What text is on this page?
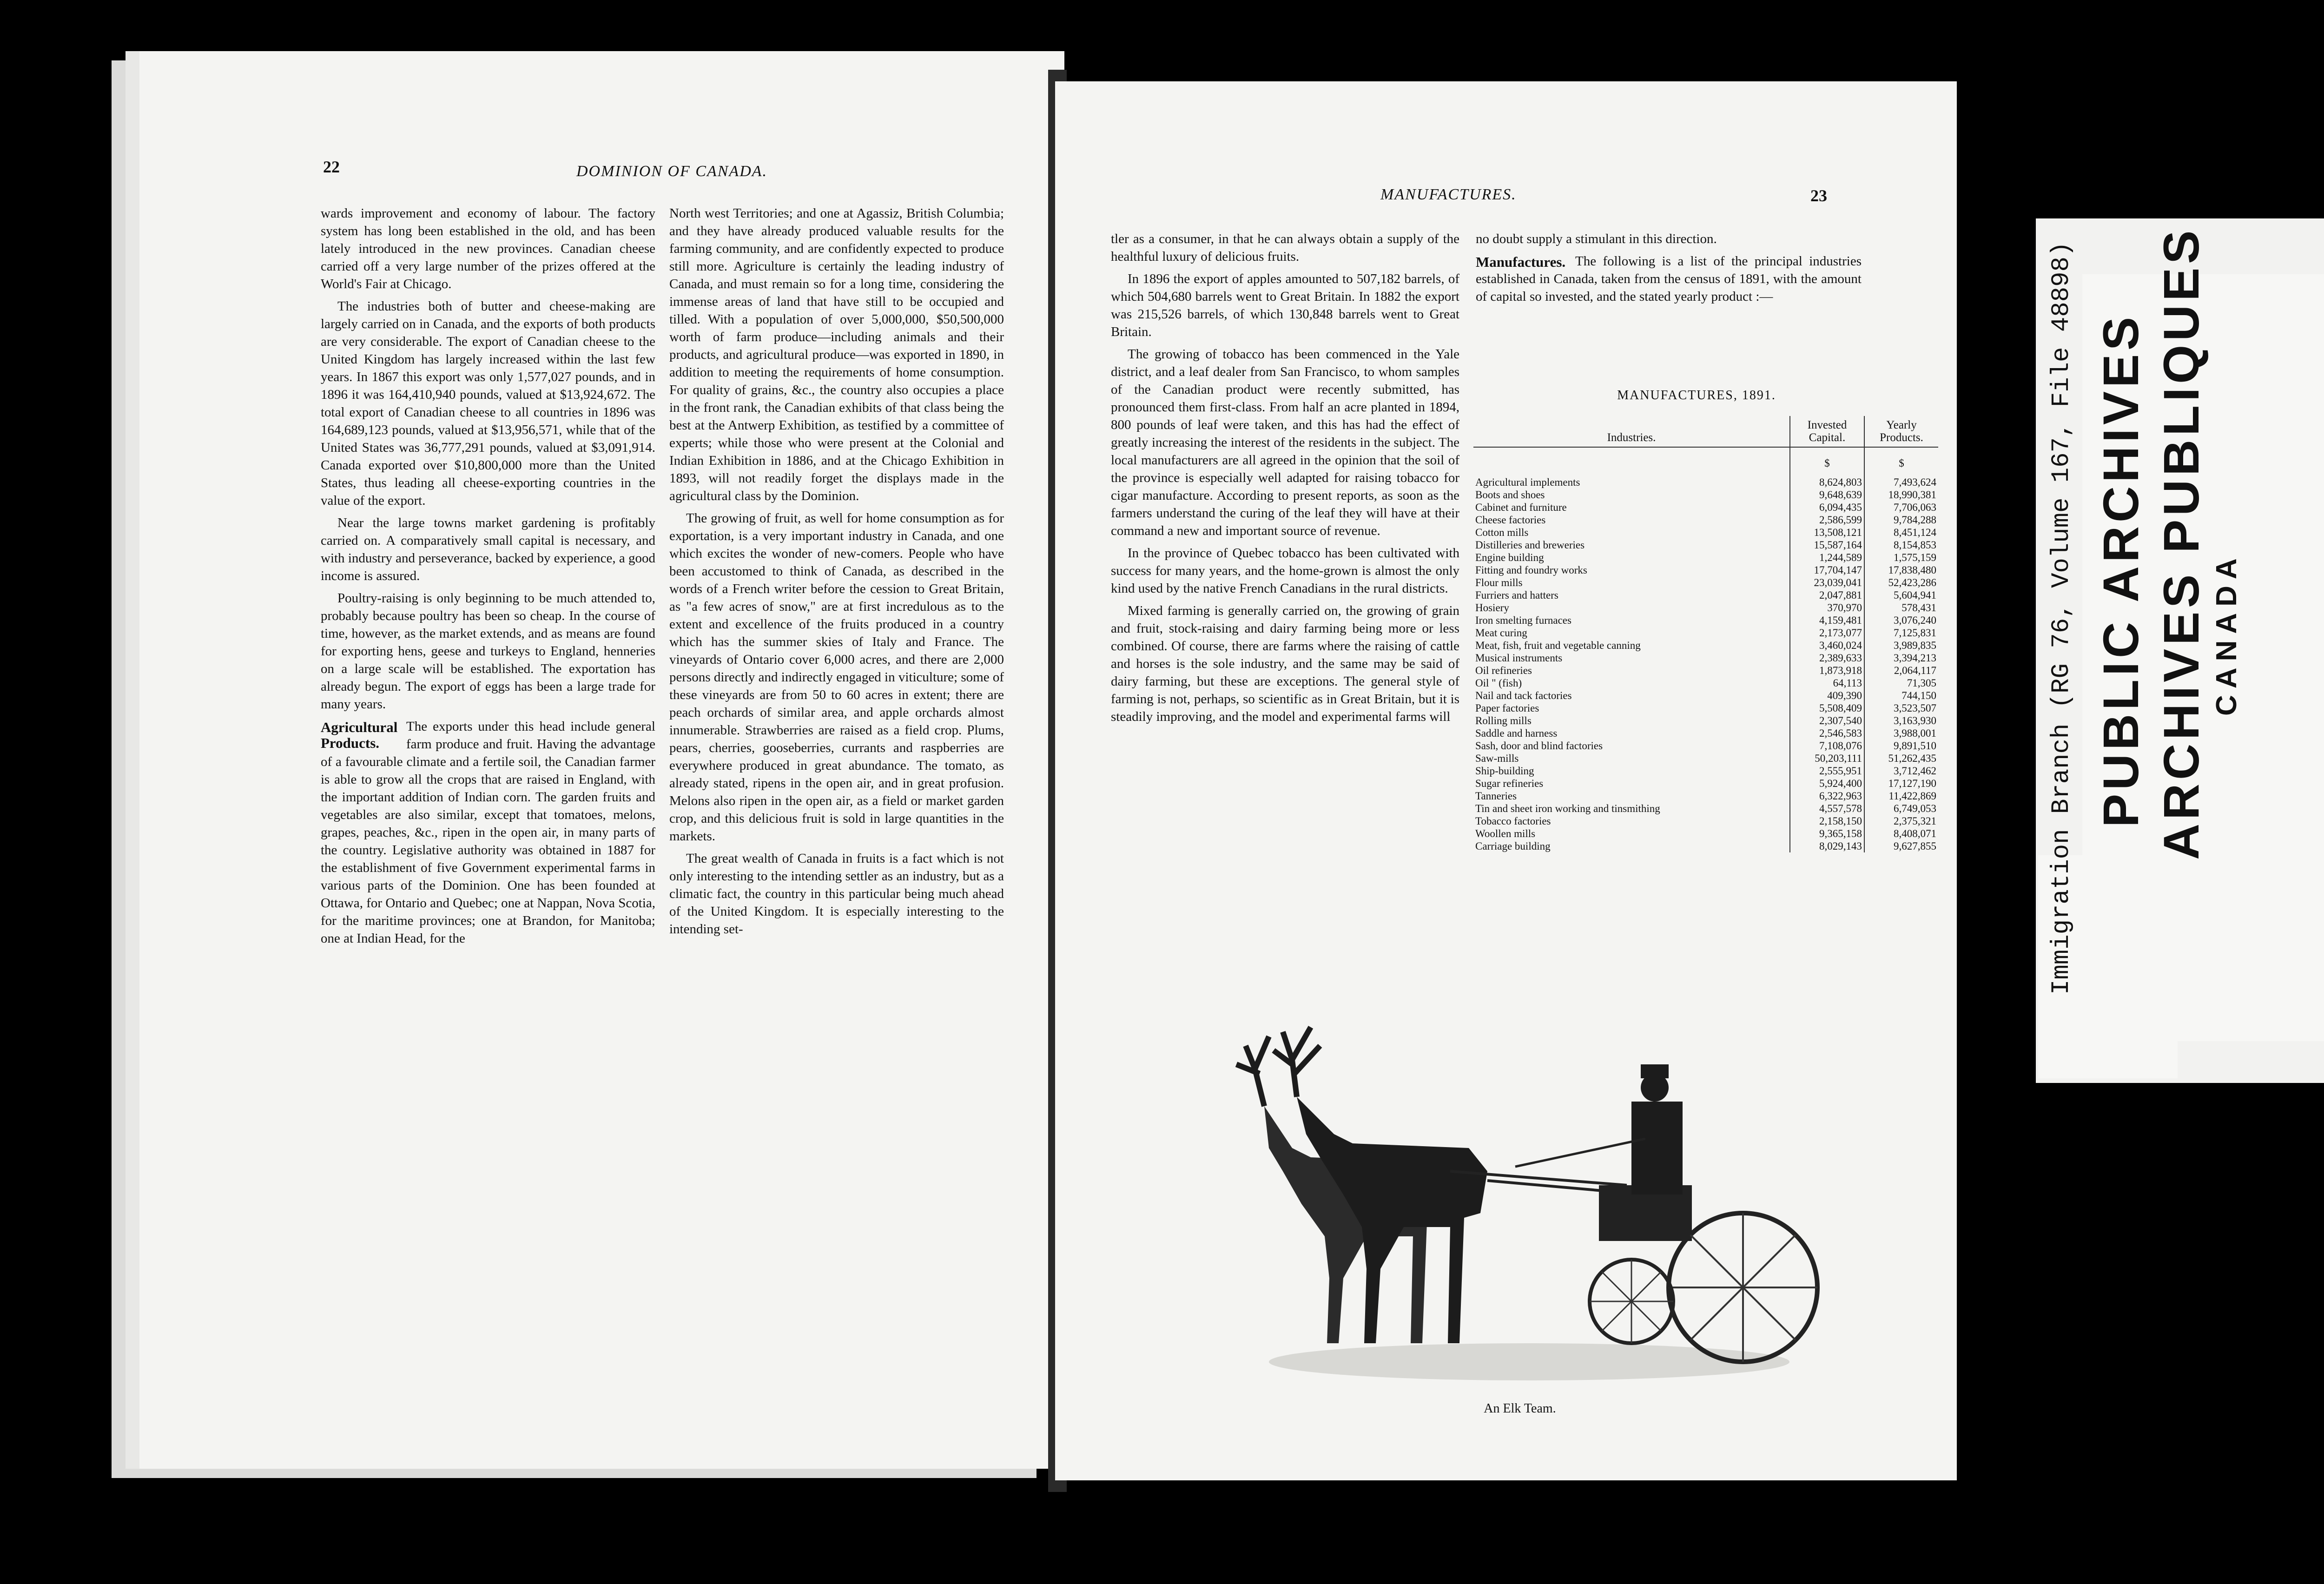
22	DOMINION OF CANADA.

wards improvement and economy of labour. The factory system has long been established in the old, and has been lately introduced in the new provinces. Canadian cheese carried off a very large number of the prizes offered at the World's Fair at Chicago.

The industries both of butter and cheese-making are largely carried on in Canada, and the exports of both products are very considerable. The export of Canadian cheese to the United Kingdom has largely increased within the last few years. In 1867 this export was only 1,577,027 pounds, and in 1896 it was 164,410,940 pounds, valued at $13,924,672. The total export of Canadian cheese to all countries in 1896 was 164,689,123 pounds, valued at $13,956,571, while that of the United States was 36,777,291 pounds, valued at $3,091,914. Canada exported over $10,800,000 more than the United States, thus leading all cheese-exporting countries in the value of the export.

Near the large towns market gardening is profitably carried on. A comparatively small capital is necessary, and with industry and perseverance, backed by experience, a good income is assured.

Poultry-raising is only beginning to be much attended to, probably because poultry has been so cheap. In the course of time, however, as the market extends, and as means are found for exporting hens, geese and turkeys to England, henneries on a large scale will be established. The exportation has already begun. The export of eggs has been a large trade for many years.

Agricultural Products.
The exports under this head include general farm produce and fruit. Having the advantage of a favourable climate and a fertile soil, the Canadian farmer is able to grow all the crops that are raised in England, with the important addition of Indian corn. The garden fruits and vegetables are also similar, except that tomatoes, melons, grapes, peaches, &c., ripen in the open air, in many parts of the country. Legislative authority was obtained in 1887 for the establishment of five Government experimental farms in various parts of the Dominion. One has been founded at Ottawa, for Ontario and Quebec; one at Nappan, Nova Scotia, for the maritime provinces; one at Brandon, for Manitoba; one at Indian Head, for the

North west Territories; and one at Agassiz, British Columbia; and they have already produced valuable results for the farming community, and are confidently expected to produce still more. Agriculture is certainly the leading industry of Canada, and must remain so for a long time, considering the immense areas of land that have still to be occupied and tilled. With a population of over 5,000,000, $50,500,000 worth of farm produce—including animals and their products, and agricultural produce—was exported in 1890, in addition to meeting the requirements of home consumption. For quality of grains, &c., the country also occupies a place in the front rank, the Canadian exhibits of that class being the best at the Antwerp Exhibition, as testified by a committee of experts; while those who were present at the Colonial and Indian Exhibition in 1886, and at the Chicago Exhibition in 1893, will not readily forget the displays made in the agricultural class by the Dominion.

The growing of fruit, as well for home consumption as for exportation, is a very important industry in Canada, and one which excites the wonder of new-comers. People who have been accustomed to think of Canada, as described in the words of a French writer before the cession to Great Britain, as "a few acres of snow," are at first incredulous as to the extent and excellence of the fruits produced in a country which has the summer skies of Italy and France. The vineyards of Ontario cover 6,000 acres, and there are 2,000 persons directly and indirectly engaged in viticulture; some of these vineyards are from 50 to 60 acres in extent; there are peach orchards of similar area, and apple orchards almost innumerable. Strawberries are raised as a field crop. Plums, pears, cherries, gooseberries, currants and raspberries are everywhere produced in great abundance. The tomato, as already stated, ripens in the open air, and in great profusion. Melons also ripen in the open air, as a field or market garden crop, and this delicious fruit is sold in large quantities in the markets.

The great wealth of Canada in fruits is a fact which is not only interesting to the intending settler as an industry, but as a climatic fact, the country in this particular being much ahead of the United Kingdom. It is especially interesting to the intending set-

MANUFACTURES.	23

tler as a consumer, in that he can always obtain a supply of the healthful luxury of delicious fruits.

In 1896 the export of apples amounted to 507,182 barrels, of which 504,680 barrels went to Great Britain. In 1882 the export was 215,526 barrels, of which 130,848 barrels went to Great Britain.

The growing of tobacco has been commenced in the Yale district, and a leaf dealer from San Francisco, to whom samples of the Canadian product were recently submitted, has pronounced them first-class. From half an acre planted in 1894, 800 pounds of leaf were taken, and this has had the effect of greatly increasing the interest of the residents in the subject. The local manufacturers are all agreed in the opinion that the soil of the province is especially well adapted for raising tobacco for cigar manufacture. According to present reports, as soon as the farmers understand the curing of the leaf they will have at their command a new and important source of revenue.

In the province of Quebec tobacco has been cultivated with success for many years, and the home-grown is almost the only kind used by the native French Canadians in the rural districts.

Mixed farming is generally carried on, the growing of grain and fruit, stock-raising and dairy farming being more or less combined. Of course, there are farms where the raising of cattle and horses is the sole industry, and the same may be said of dairy farming, but these are exceptions. The general style of farming is not, perhaps, so scientific as in Great Britain, but it is steadily improving, and the model and experimental farms will

no doubt supply a stimulant in this direction.

Manufactures. The following is a list of the principal industries established in Canada, taken from the census of 1891, with the amount of capital so invested, and the stated yearly product :—

MANUFACTURES, 1891.
Industries.	Invested Capital.	Yearly Products.
	$	$
Agricultural implements	8,624,803	7,493,624
Boots and shoes	9,648,639	18,990,381
Cabinet and furniture	6,094,435	7,706,063
Cheese factories	2,586,599	9,784,288
Cotton mills	13,508,121	8,451,124
Distilleries and breweries	15,587,164	8,154,853
Engine building	1,244,589	1,575,159
Fitting and foundry works	17,704,147	17,838,480
Flour mills	23,039,041	52,423,286
Furriers and hatters	2,047,881	5,604,941
Hosiery	370,970	578,431
Iron smelting furnaces	4,159,481	3,076,240
Meat curing	2,173,077	7,125,831
Meat, fish, fruit and vegetable canning	3,460,024	3,989,835
Musical instruments	2,389,633	3,394,213
Oil refineries	1,873,918	2,064,117
Oil " (fish)	64,113	71,305
Nail and tack factories	409,390	744,150
Paper factories	5,508,409	3,523,507
Rolling mills	2,307,540	3,163,930
Saddle and harness	2,546,583	3,988,001
Sash, door and blind factories	7,108,076	9,891,510
Saw-mills	50,203,111	51,262,435
Ship-building	2,555,951	3,712,462
Sugar refineries	5,924,400	17,127,190
Tanneries	6,322,963	11,422,869
Tin and sheet iron working and tinsmithing	4,557,578	6,749,053
Tobacco factories	2,158,150	2,375,321
Woollen mills	9,365,158	8,408,071
Carriage building	8,029,143	9,627,855
An Elk Team.
Immigration Branch (RG 76, Volume 167, File 48898) PUBLIC ARCHIVES ARCHIVES PUBLIQUES CANADA
